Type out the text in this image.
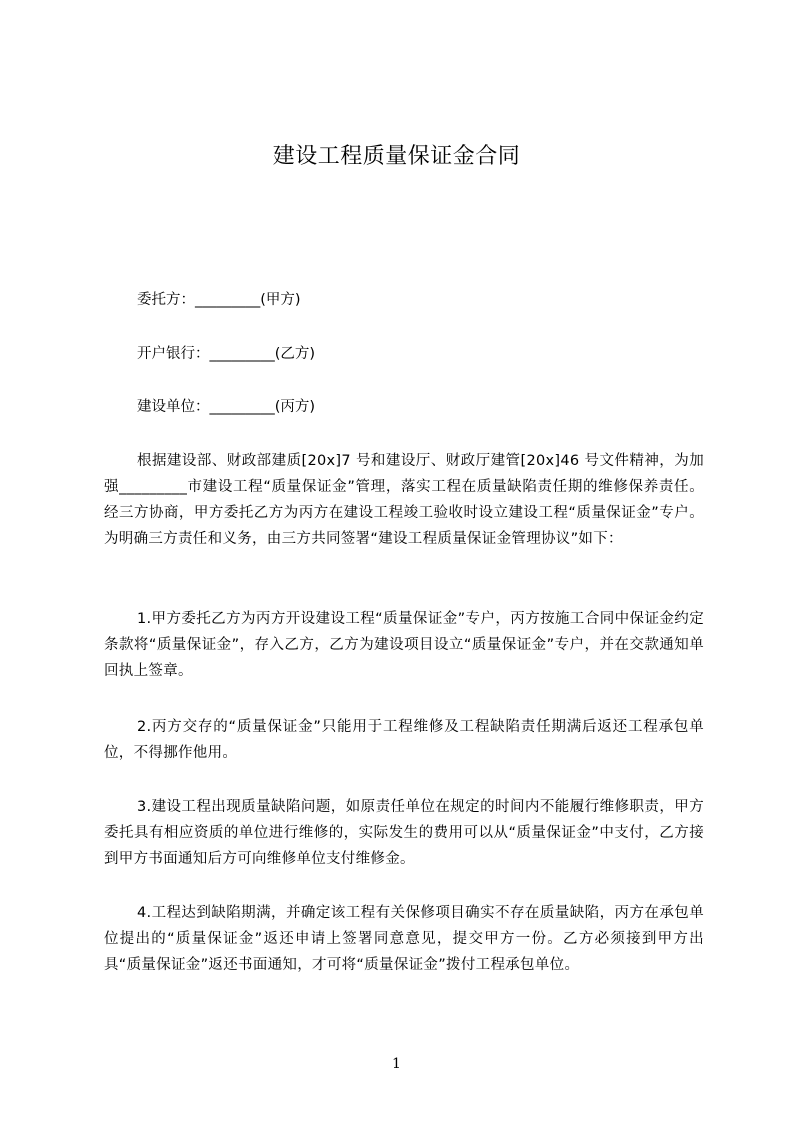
建设工程质量保证金合同
委托方：_________(甲方)
开户银行：_________(乙方)
建设单位：_________(丙方)
根据建设部、财政部建质[20x]7 号和建设厅、财政厅建管[20x]46 号文件精神，为加强_________市建设工程“质量保证金”管理，落实工程在质量缺陷责任期的维修保养责任。经三方协商，甲方委托乙方为丙方在建设工程竣工验收时设立建设工程“质量保证金”专户。为明确三方责任和义务，由三方共同签署“建设工程质量保证金管理协议”如下：
1.甲方委托乙方为丙方开设建设工程“质量保证金”专户，丙方按施工合同中保证金约定条款将“质量保证金”，存入乙方，乙方为建设项目设立“质量保证金”专户，并在交款通知单回执上签章。
2.丙方交存的“质量保证金”只能用于工程维修及工程缺陷责任期满后返还工程承包单位，不得挪作他用。
3.建设工程出现质量缺陷问题，如原责任单位在规定的时间内不能履行维修职责，甲方委托具有相应资质的单位进行维修的，实际发生的费用可以从“质量保证金”中支付，乙方接到甲方书面通知后方可向维修单位支付维修金。
4.工程达到缺陷期满，并确定该工程有关保修项目确实不存在质量缺陷，丙方在承包单位提出的“质量保证金”返还申请上签署同意意见，提交甲方一份。乙方必须接到甲方出具“质量保证金”返还书面通知，才可将“质量保证金”拨付工程承包单位。
1
